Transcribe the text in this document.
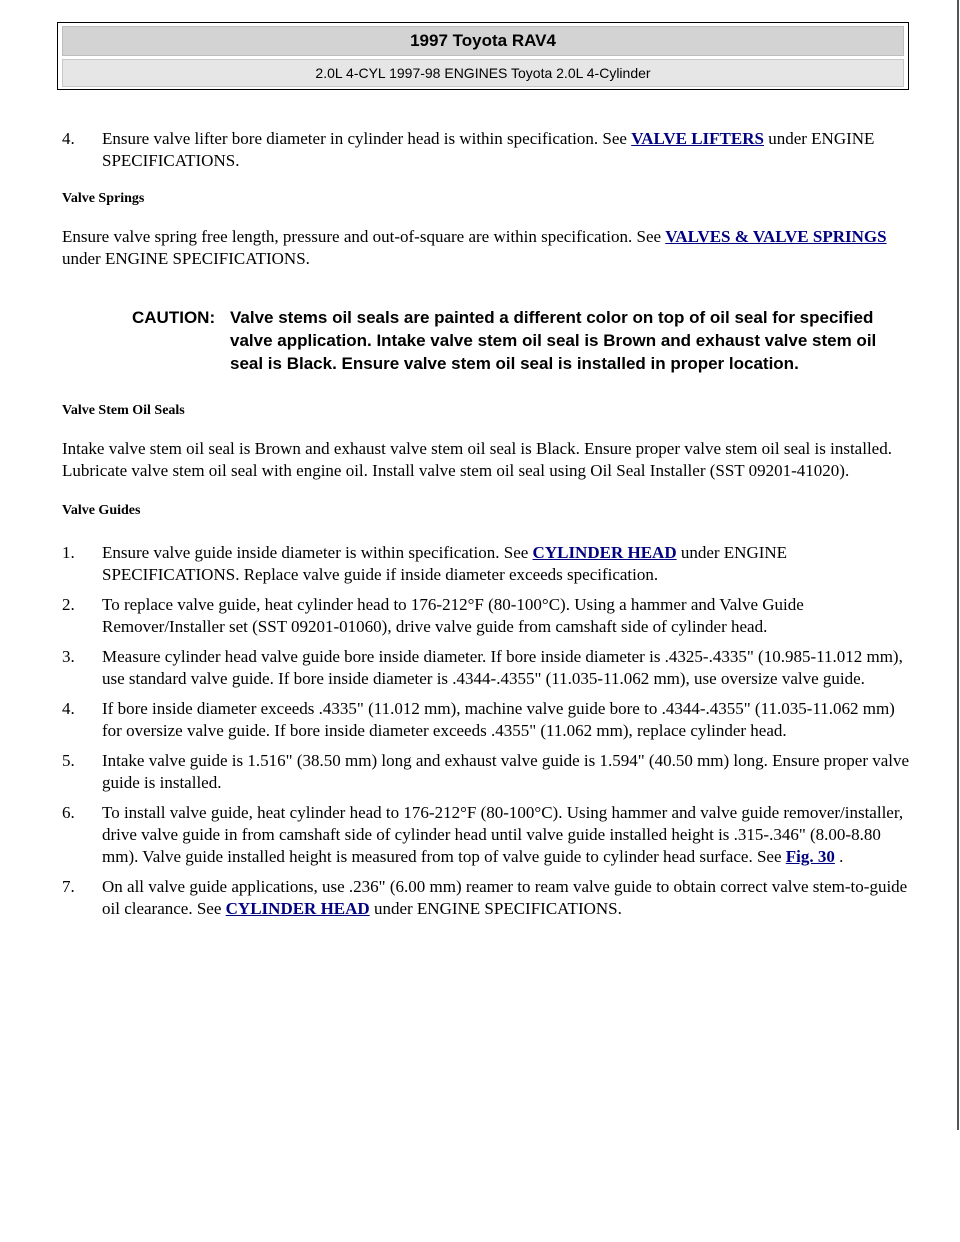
1997 Toyota RAV4
2.0L 4-CYL 1997-98 ENGINES Toyota 2.0L 4-Cylinder
4. Ensure valve lifter bore diameter in cylinder head is within specification. See VALVE LIFTERS under ENGINE SPECIFICATIONS.

Valve Springs

Ensure valve spring free length, pressure and out-of-square are within specification. See VALVES & VALVE SPRINGS under ENGINE SPECIFICATIONS.

Valve Stem Oil Seals

Intake valve stem oil seal is Brown and exhaust valve stem oil seal is Black. Ensure proper valve stem oil seal is installed. Lubricate valve stem oil seal with engine oil. Install valve stem oil seal using Oil Seal Installer (SST 09201-41020).

Valve Guides

1. Ensure valve guide inside diameter is within specification. See CYLINDER HEAD under ENGINE SPECIFICATIONS. Replace valve guide if inside diameter exceeds specification.
2. To replace valve guide, heat cylinder head to 176-212°F (80-100°C). Using a hammer and Valve Guide Remover/Installer set (SST 09201-01060), drive valve guide from camshaft side of cylinder head.
3. Measure cylinder head valve guide bore inside diameter. If bore inside diameter is .4325-.4335" (10.985-11.012 mm), use standard valve guide. If bore inside diameter is .4344-.4355" (11.035-11.062 mm), use oversize valve guide.
4. If bore inside diameter exceeds .4335" (11.012 mm), machine valve guide bore to .4344-.4355" (11.035-11.062 mm) for oversize valve guide. If bore inside diameter exceeds .4355" (11.062 mm), replace cylinder head.
5. Intake valve guide is 1.516" (38.50 mm) long and exhaust valve guide is 1.594" (40.50 mm) long. Ensure proper valve guide is installed.
6. To install valve guide, heat cylinder head to 176-212°F (80-100°C). Using hammer and valve guide remover/installer, drive valve guide in from camshaft side of cylinder head until valve guide installed height is .315-.346" (8.00-8.80 mm). Valve guide installed height is measured from top of valve guide to cylinder head surface. See Fig. 30 .
7. On all valve guide applications, use .236" (6.00 mm) reamer to ream valve guide to obtain correct valve stem-to-guide oil clearance. See CYLINDER HEAD under ENGINE SPECIFICATIONS.
CAUTION: Valve stems oil seals are painted a different color on top of oil seal for specified valve application. Intake valve stem oil seal is Brown and exhaust valve stem oil seal is Black. Ensure valve stem oil seal is installed in proper location.
